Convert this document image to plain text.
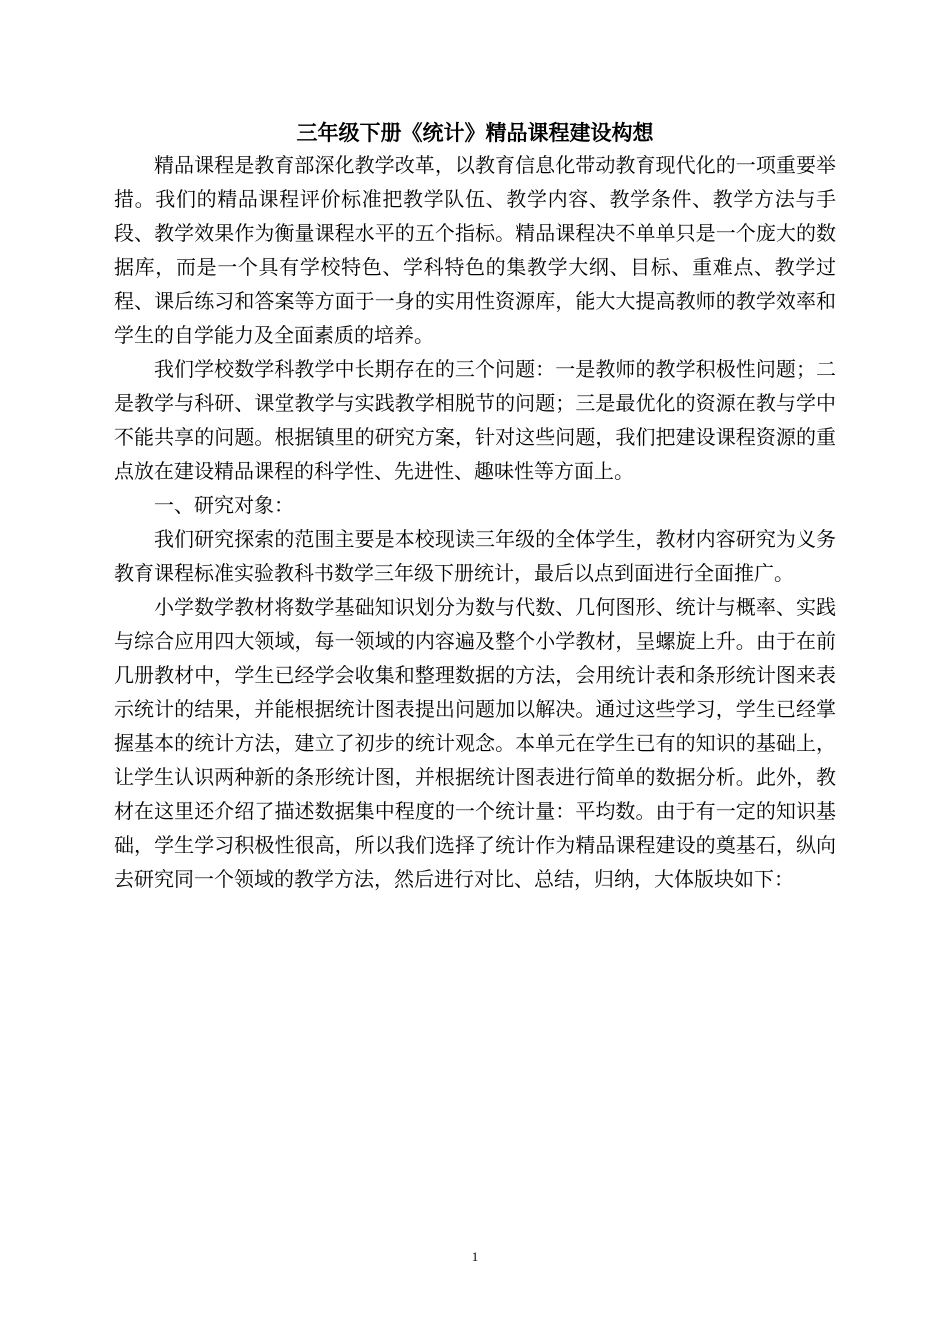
三年级下册《统计》精品课程建设构想

精品课程是教育部深化教学改革，以教育信息化带动教育现代化的一项重要举措。我们的精品课程评价标准把教学队伍、教学内容、教学条件、教学方法与手段、教学效果作为衡量课程水平的五个指标。精品课程决不单单只是一个庞大的数据库，而是一个具有学校特色、学科特色的集教学大纲、目标、重难点、教学过程、课后练习和答案等方面于一身的实用性资源库，能大大提高教师的教学效率和学生的自学能力及全面素质的培养。

我们学校数学科教学中长期存在的三个问题：一是教师的教学积极性问题；二是教学与科研、课堂教学与实践教学相脱节的问题；三是最优化的资源在教与学中不能共享的问题。根据镇里的研究方案，针对这些问题，我们把建设课程资源的重点放在建设精品课程的科学性、先进性、趣味性等方面上。

一、研究对象：

我们研究探索的范围主要是本校现读三年级的全体学生，教材内容研究为义务教育课程标准实验教科书数学三年级下册统计，最后以点到面进行全面推广。

小学数学教材将数学基础知识划分为数与代数、几何图形、统计与概率、实践与综合应用四大领域，每一领域的内容遍及整个小学教材，呈螺旋上升。由于在前几册教材中，学生已经学会收集和整理数据的方法，会用统计表和条形统计图来表示统计的结果，并能根据统计图表提出问题加以解决。通过这些学习，学生已经掌握基本的统计方法，建立了初步的统计观念。本单元在学生已有的知识的基础上，让学生认识两种新的条形统计图，并根据统计图表进行简单的数据分析。此外，教材在这里还介绍了描述数据集中程度的一个统计量：平均数。由于有一定的知识基础，学生学习积极性很高，所以我们选择了统计作为精品课程建设的奠基石，纵向去研究同一个领域的教学方法，然后进行对比、总结，归纳，大体版块如下：

1
